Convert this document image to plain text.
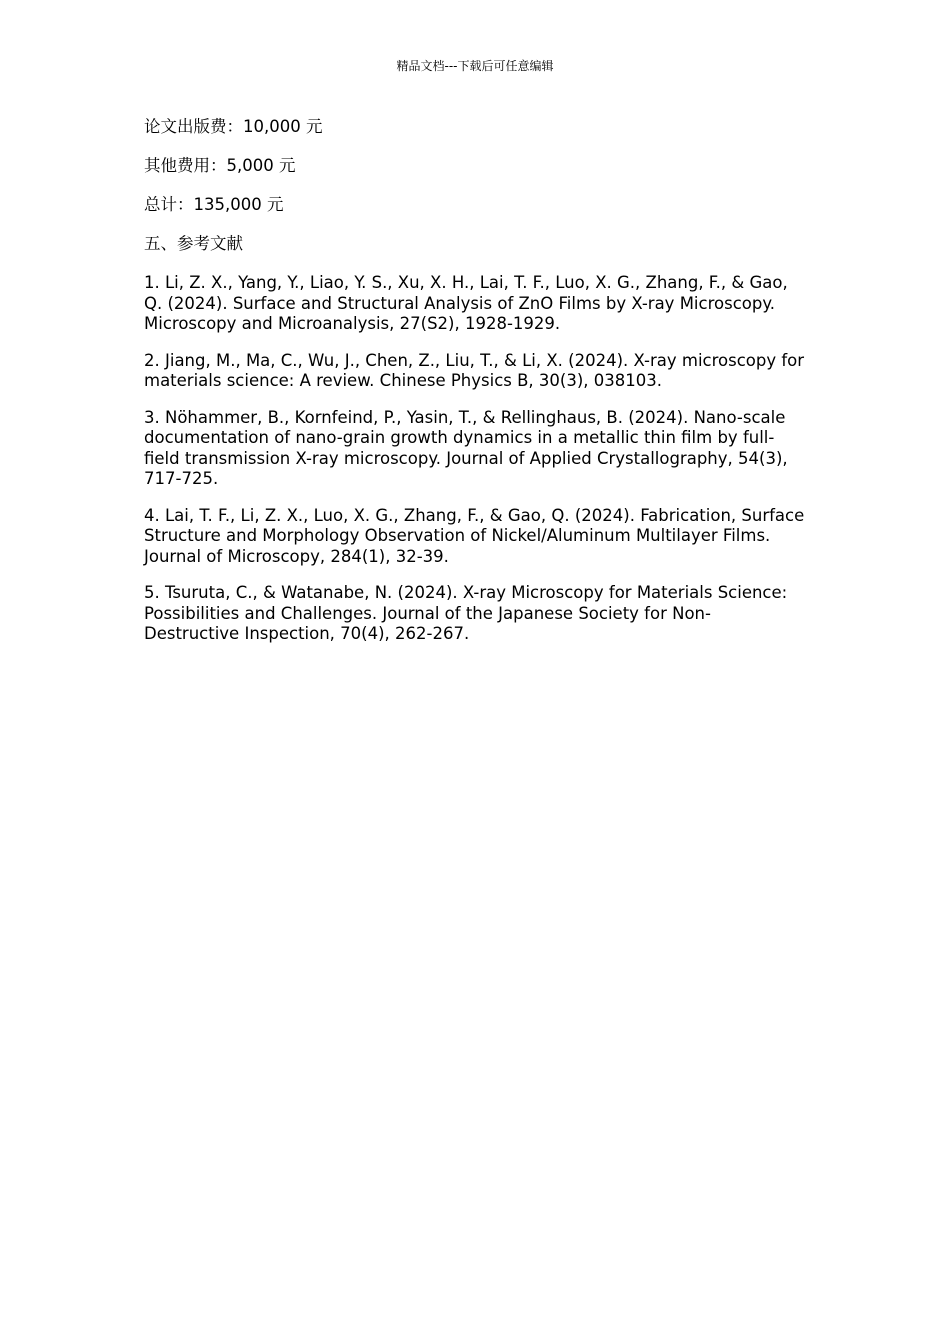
精品文档---下载后可任意编辑

论文出版费：10,000 元

其他费用：5,000 元

总计：135,000 元

五、参考文献

1. Li, Z. X., Yang, Y., Liao, Y. S., Xu, X. H., Lai, T. F., Luo, X. G., Zhang, F., & Gao, Q. (2024). Surface and Structural Analysis of ZnO Films by X-ray Microscopy. Microscopy and Microanalysis, 27(S2), 1928-1929.

2. Jiang, M., Ma, C., Wu, J., Chen, Z., Liu, T., & Li, X. (2024). X-ray microscopy for materials science: A review. Chinese Physics B, 30(3), 038103.

3. Nöhammer, B., Kornfeind, P., Yasin, T., & Rellinghaus, B. (2024). Nano-scale documentation of nano-grain growth dynamics in a metallic thin film by full-field transmission X-ray microscopy. Journal of Applied Crystallography, 54(3), 717-725.

4. Lai, T. F., Li, Z. X., Luo, X. G., Zhang, F., & Gao, Q. (2024). Fabrication, Surface Structure and Morphology Observation of Nickel/Aluminum Multilayer Films. Journal of Microscopy, 284(1), 32-39.

5. Tsuruta, C., & Watanabe, N. (2024). X-ray Microscopy for Materials Science: Possibilities and Challenges. Journal of the Japanese Society for Non-Destructive Inspection, 70(4), 262-267.
